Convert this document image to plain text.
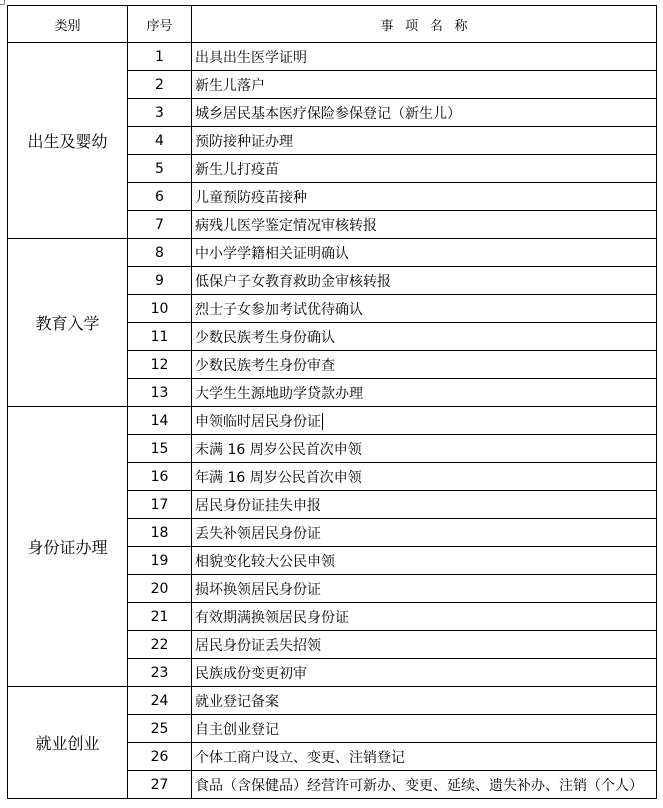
类别	序号	事项名称
出生及婴幼	1	出具出生医学证明
	2	新生儿落户
	3	城乡居民基本医疗保险参保登记（新生儿）
	4	预防接种证办理
	5	新生儿打疫苗
	6	儿童预防疫苗接种
	7	病残儿医学鉴定情况审核转报
教育入学	8	中小学学籍相关证明确认
	9	低保户子女教育救助金审核转报
	10	烈士子女参加考试优待确认
	11	少数民族考生身份确认
	12	少数民族考生身份审查
	13	大学生生源地助学贷款办理
身份证办理	14	申领临时居民身份证
	15	未满 16 周岁公民首次申领
	16	年满 16 周岁公民首次申领
	17	居民身份证挂失申报
	18	丢失补领居民身份证
	19	相貌变化较大公民申领
	20	损坏换领居民身份证
	21	有效期满换领居民身份证
	22	居民身份证丢失招领
	23	民族成份变更初审
就业创业	24	就业登记备案
	25	自主创业登记
	26	个体工商户设立、变更、注销登记
	27	食品（含保健品）经营许可新办、变更、延续、遗失补办、注销（个人）
